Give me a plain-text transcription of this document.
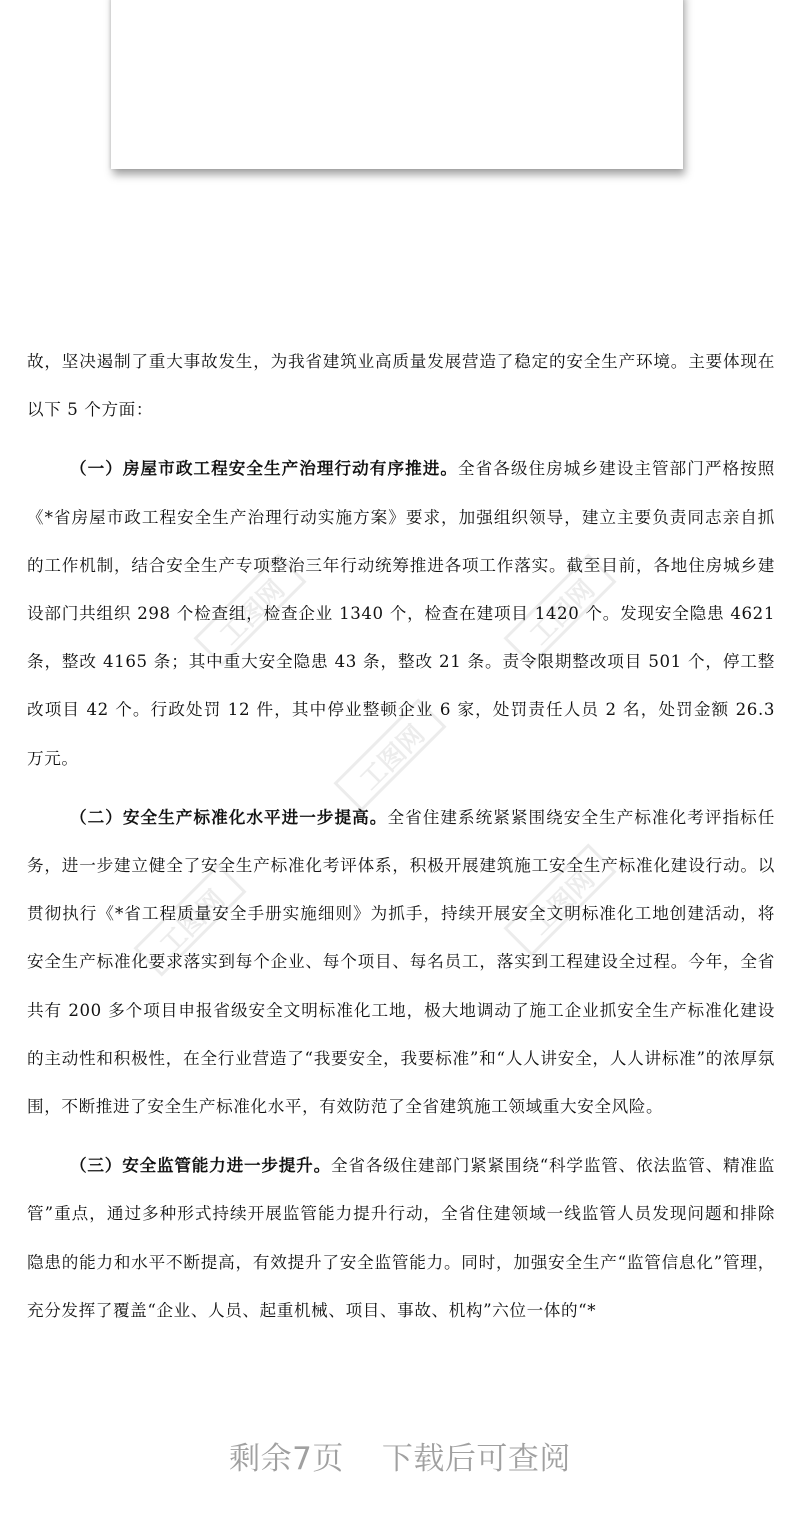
故，坚决遏制了重大事故发生，为我省建筑业高质量发展营造了稳定的安全生产环境。主要体现在以下 5 个方面：

（一）房屋市政工程安全生产治理行动有序推进。全省各级住房城乡建设主管部门严格按照《*省房屋市政工程安全生产治理行动实施方案》要求，加强组织领导，建立主要负责同志亲自抓的工作机制，结合安全生产专项整治三年行动统筹推进各项工作落实。截至目前，各地住房城乡建设部门共组织 298 个检查组，检查企业 1340 个，检查在建项目 1420 个。发现安全隐患 4621 条，整改 4165 条；其中重大安全隐患 43 条，整改 21 条。责令限期整改项目 501 个，停工整改项目 42 个。行政处罚 12 件，其中停业整顿企业 6 家，处罚责任人员 2 名，处罚金额 26.3 万元。

（二）安全生产标准化水平进一步提高。全省住建系统紧紧围绕安全生产标准化考评指标任务，进一步建立健全了安全生产标准化考评体系，积极开展建筑施工安全生产标准化建设行动。以贯彻执行《*省工程质量安全手册实施细则》为抓手，持续开展安全文明标准化工地创建活动，将安全生产标准化要求落实到每个企业、每个项目、每名员工，落实到工程建设全过程。今年，全省共有 200 多个项目申报省级安全文明标准化工地，极大地调动了施工企业抓安全生产标准化建设的主动性和积极性，在全行业营造了“我要安全，我要标准”和“人人讲安全，人人讲标准”的浓厚氛围，不断推进了安全生产标准化水平，有效防范了全省建筑施工领域重大安全风险。

（三）安全监管能力进一步提升。全省各级住建部门紧紧围绕“科学监管、依法监管、精准监管”重点，通过多种形式持续开展监管能力提升行动，全省住建领域一线监管人员发现问题和排除隐患的能力和水平不断提高，有效提升了安全监管能力。同时，加强安全生产“监管信息化”管理，充分发挥了覆盖“企业、人员、起重机械、项目、事故、机构”六位一体的“*

工图网	工图网
工图网
工图网	工图网
剩余7页 下载后可查阅
